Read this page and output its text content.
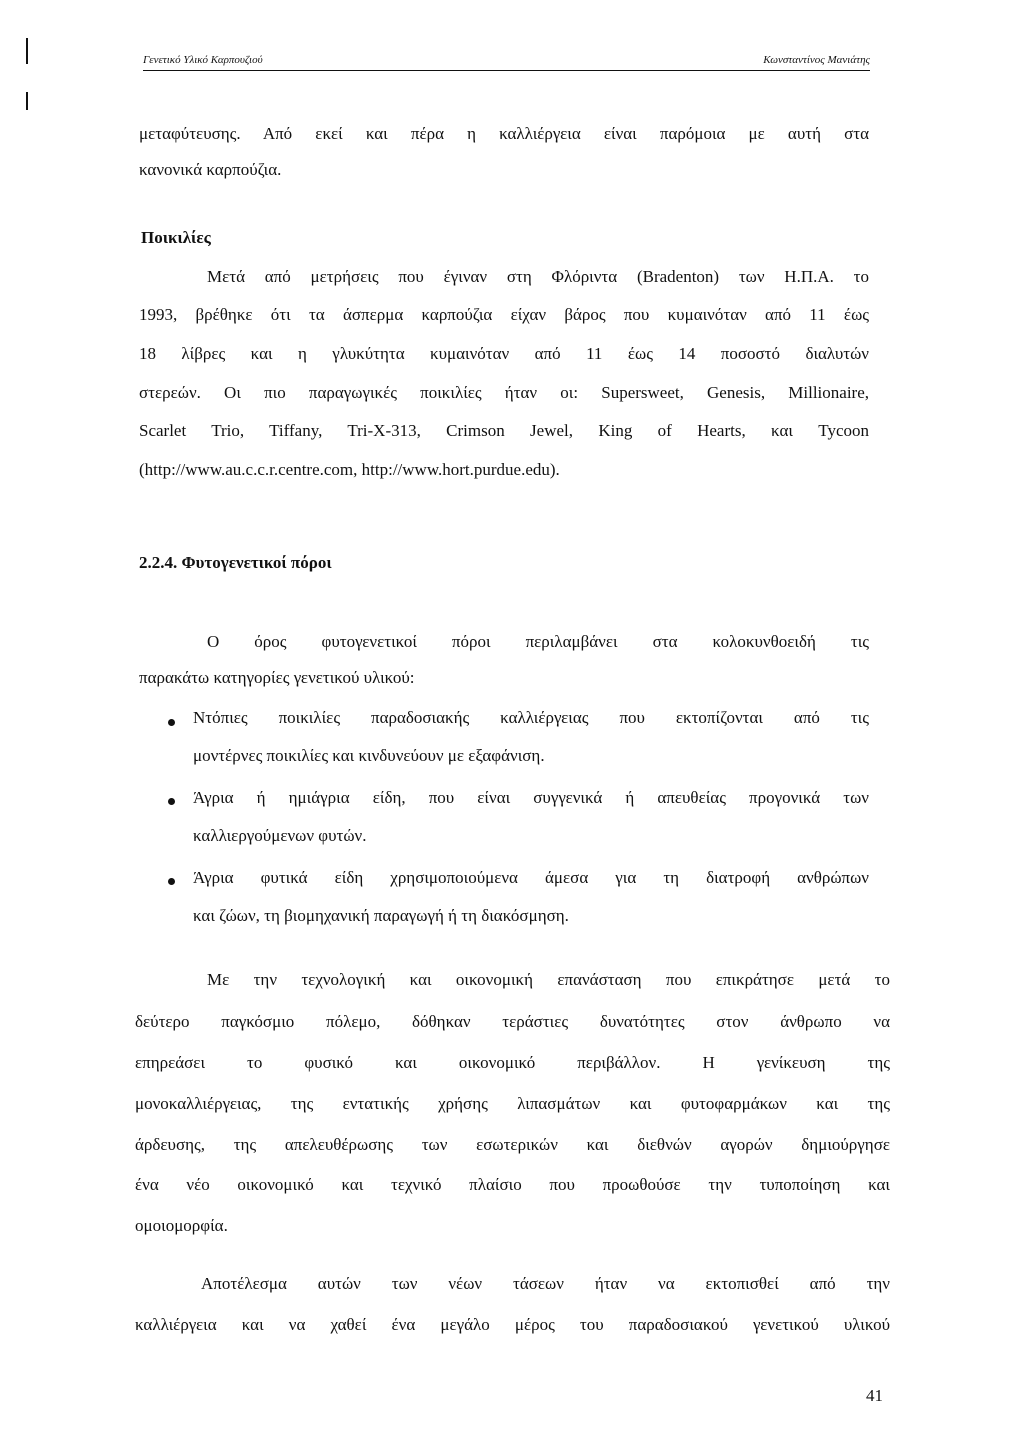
Γενετικό Υλικό Καρπουζιού	Κωνσταντίνος Μανιάτης
μεταφύτευσης. Από εκεί και πέρα η καλλιέργεια είναι παρόμοια με αυτή στα
κανονικά καρπούζια.
Ποικιλίες
Μετά από μετρήσεις που έγιναν στη Φλόριντα (Bradenton) των Η.Π.Α. το
1993, βρέθηκε ότι τα άσπερμα καρπούζια είχαν βάρος που κυμαινόταν από 11 έως
18 λίβρες και η γλυκύτητα κυμαινόταν από 11 έως 14 ποσοστό διαλυτών
στερεών. Οι πιο παραγωγικές ποικιλίες ήταν οι: Supersweet, Genesis, Millionaire,
Scarlet Trio, Tiffany, Tri-X-313, Crimson Jewel, King of Hearts, και Tycoon
(http://www.au.c.c.r.centre.com, http://www.hort.purdue.edu).
2.2.4. Φυτογενετικοί πόροι
Ο όρος φυτογενετικοί πόροι περιλαμβάνει στα κολοκυνθοειδή τις
παρακάτω κατηγορίες γενετικού υλικού:
Ντόπιες ποικιλίες παραδοσιακής καλλιέργειας που εκτοπίζονται από τις
μοντέρνες ποικιλίες και κινδυνεύουν με εξαφάνιση.
Άγρια ή ημιάγρια είδη, που είναι συγγενικά ή απευθείας προγονικά των
καλλιεργούμενων φυτών.
Άγρια φυτικά είδη χρησιμοποιούμενα άμεσα για τη διατροφή ανθρώπων
και ζώων, τη βιομηχανική παραγωγή ή τη διακόσμηση.
Με την τεχνολογική και οικονομική επανάσταση που επικράτησε μετά το
δεύτερο παγκόσμιο πόλεμο, δόθηκαν τεράστιες δυνατότητες στον άνθρωπο να
επηρεάσει το φυσικό και οικονομικό περιβάλλον. Η γενίκευση της
μονοκαλλιέργειας, της εντατικής χρήσης λιπασμάτων και φυτοφαρμάκων και της
άρδευσης, της απελευθέρωσης των εσωτερικών και διεθνών αγορών δημιούργησε
ένα νέο οικονομικό και τεχνικό πλαίσιο που προωθούσε την τυποποίηση και
ομοιομορφία.
Αποτέλεσμα αυτών των νέων τάσεων ήταν να εκτοπισθεί από την
καλλιέργεια και να χαθεί ένα μεγάλο μέρος του παραδοσιακού γενετικού υλικού
41
